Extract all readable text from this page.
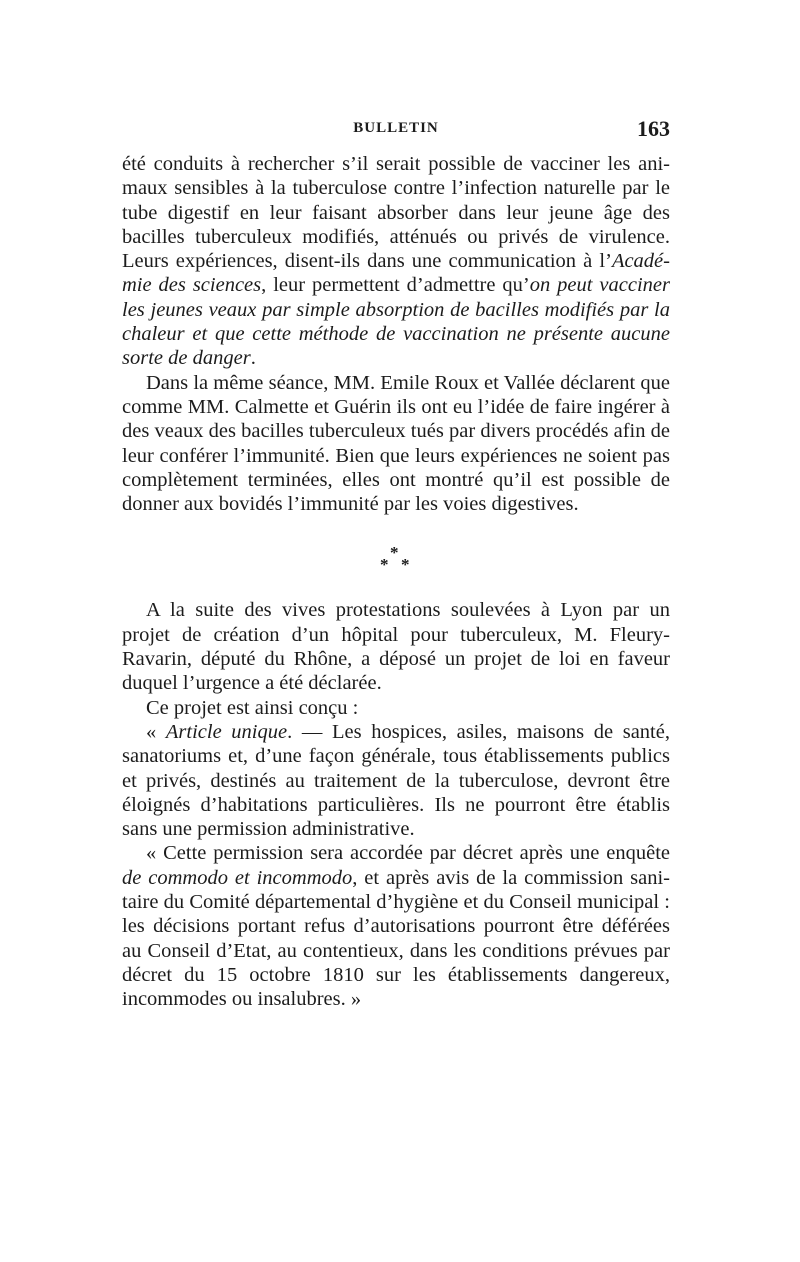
BULLETIN	163

été conduits à rechercher s’il serait possible de vacciner les animaux sensibles à la tuberculose contre l’infection naturelle par le tube digestif en leur faisant absorber dans leur jeune âge des bacilles tuberculeux modifiés, atténués ou privés de virulence. Leurs expériences, disent-ils dans une communication à l’Académie des sciences, leur permettent d’admettre qu’on peut vacciner les jeunes veaux par simple absorption de bacilles modifiés par la chaleur et que cette méthode de vaccination ne présente aucune sorte de danger.

Dans la même séance, MM. Emile Roux et Vallée déclarent que comme MM. Calmette et Guérin ils ont eu l’idée de faire ingérer à des veaux des bacilles tuberculeux tués par divers procédés afin de leur conférer l’immunité. Bien que leurs expériences ne soient pas complètement terminées, elles ont montré qu’il est possible de donner aux bovidés l’immunité par les voies digestives.

*
* *

A la suite des vives protestations soulevées à Lyon par un projet de création d’un hôpital pour tuberculeux, M. Fleury-Ravarin, député du Rhône, a déposé un projet de loi en faveur duquel l’urgence a été déclarée.

Ce projet est ainsi conçu :

« Article unique. — Les hospices, asiles, maisons de santé, sanatoriums et, d’une façon générale, tous établissements publics et privés, destinés au traitement de la tuberculose, devront être éloignés d’habitations particulières. Ils ne pourront être établis sans une permission administrative.

« Cette permission sera accordée par décret après une enquête de commodo et incommodo, et après avis de la commission sanitaire du Comité départemental d’hygiène et du Conseil municipal : les décisions portant refus d’autorisations pourront être déférées au Conseil d’Etat, au contentieux, dans les conditions prévues par décret du 15 octobre 1810 sur les établissements dangereux, incommodes ou insalubres. »
